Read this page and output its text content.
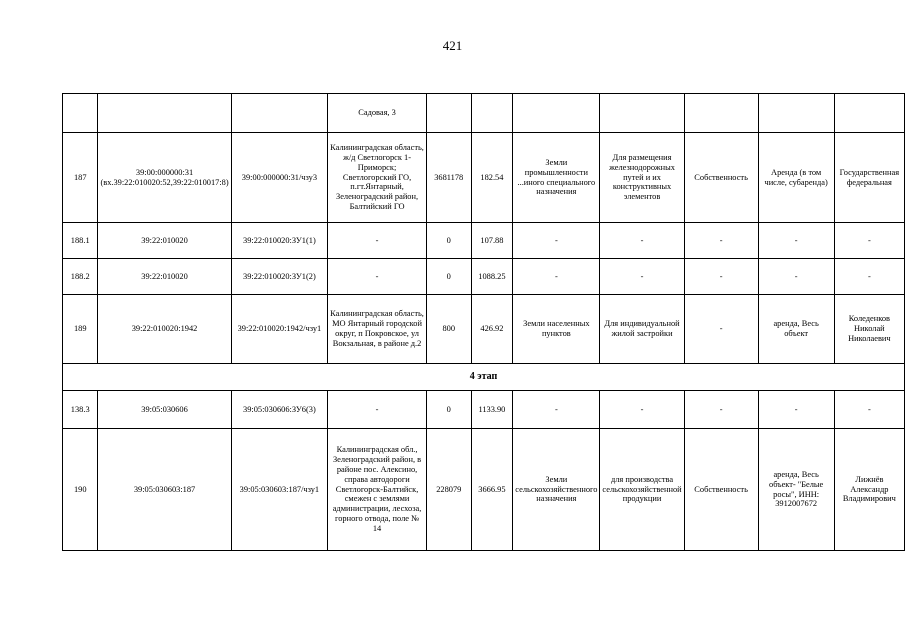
421
			Садовая, 3							
187	39:00:000000:31 (вх.39:22:010020:52,39:22:010017:8)	39:00:000000:31/чзу3	Калининградская область, ж/д Светлогорск 1-Приморск; Светлогорский ГО, п.гт.Янтарный, Зеленоградский район, Балтийский ГО	3681178	182.54	Земли промышленности ...иного специального назначения	Для размещения железнодорожных путей и их конструктивных элементов	Собственность	Аренда (в том числе, субаренда)	Государственная федеральная
188.1	39:22:010020	39:22:010020:ЗУ1(1)	-	0	107.88	-	-	-	-	-
188.2	39:22:010020	39:22:010020:ЗУ1(2)	-	0	1088.25	-	-	-	-	-
189	39:22:010020:1942	39:22:010020:1942/чзу1	Калининградская область, МО Янтарный городской округ, п Покровское, ул Вокзальная, в районе д.2	800	426.92	Земли населенных пунктов	Для индивидуальной жилой застройки	-	аренда, Весь объект	Коледенков Николай Николаевич
4 этап										
138.3	39:05:030606	39:05:030606:ЗУ6(3)	-	0	1133.90	-	-	-	-	-
190	39:05:030603:187	39:05:030603:187/чзу1	Калининградская обл., Зеленоградский район, в районе пос. Алексино, справа автодороги Светлогорск-Балтийск, смежен с землями администрации, лесхоза, горного отвода, поле № 14	228079	3666.95	Земли сельскохозяйственного назначения	для производства сельскохозяйственной продукции	Собственность	аренда, Весь объект- "Белые росы", ИНН: 3912007672	Лижнёв Александр Владимирович
